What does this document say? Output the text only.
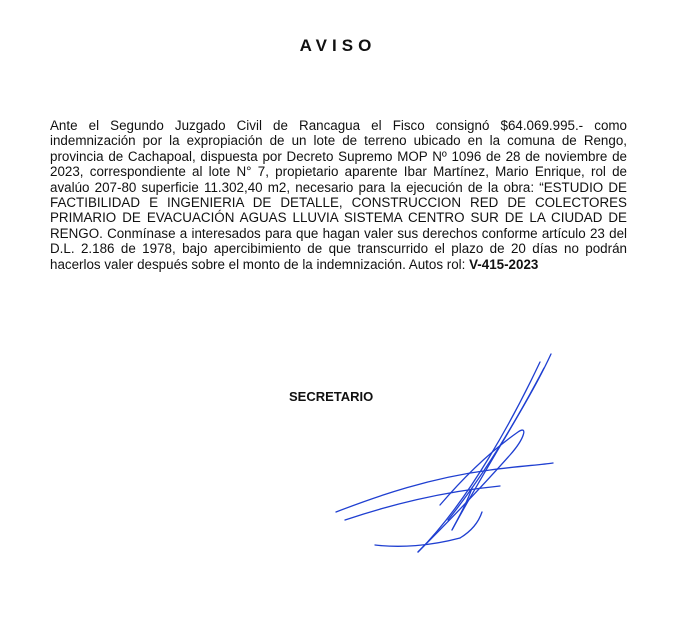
AVISO

Ante el Segundo Juzgado Civil de Rancagua el Fisco consignó $64.069.995.- como indemnización por la expropiación de un lote de terreno ubicado en la comuna de Rengo, provincia de Cachapoal, dispuesta por Decreto Supremo MOP Nº 1096 de 28 de noviembre de 2023, correspondiente al lote N° 7, propietario aparente Ibar Martínez, Mario Enrique, rol de avalúo 207-80 superficie 11.302,40 m2, necesario para la ejecución de la obra: “ESTUDIO DE FACTIBILIDAD E INGENIERIA DE DETALLE, CONSTRUCCION RED DE COLECTORES PRIMARIO DE EVACUACIÓN AGUAS LLUVIA SISTEMA CENTRO SUR DE LA CIUDAD DE RENGO. Conmínase a interesados para que hagan valer sus derechos conforme artículo 23 del D.L. 2.186 de 1978, bajo apercibimiento de que transcurrido el plazo de 20 días no podrán hacerlos valer después sobre el monto de la indemnización. Autos rol: V-415-2023

SECRETARIO
